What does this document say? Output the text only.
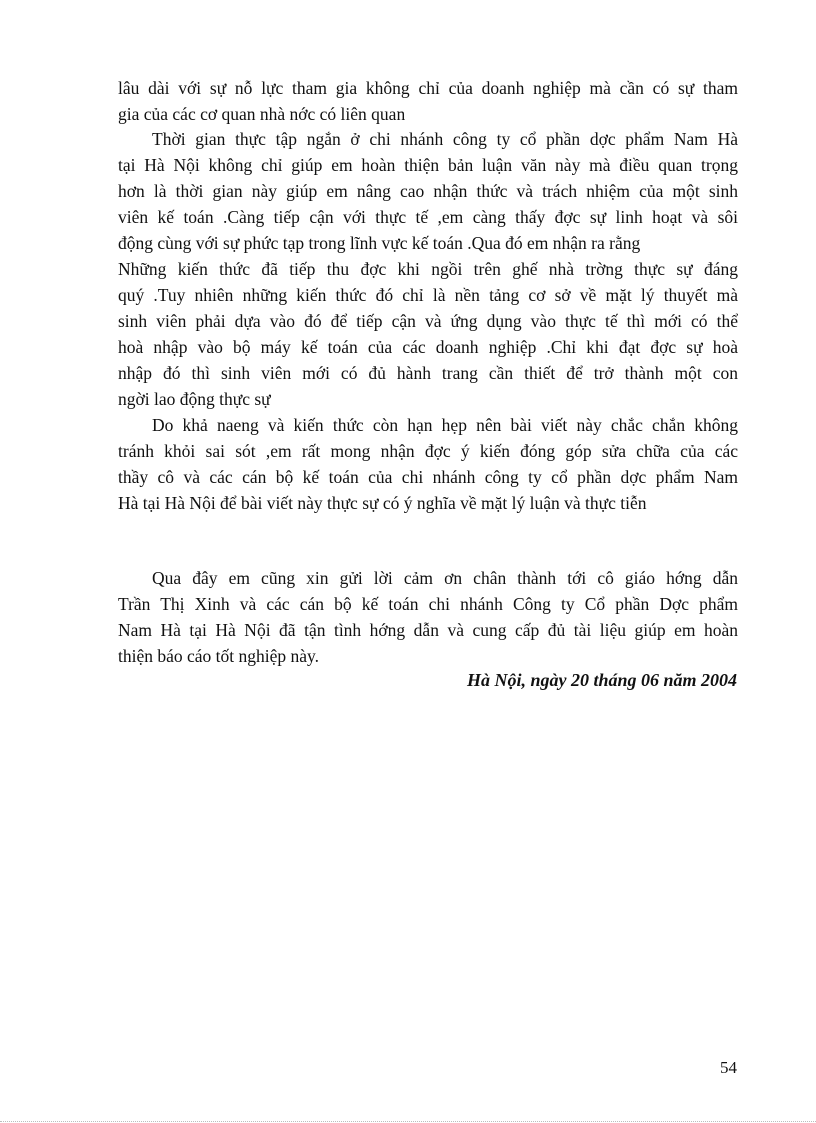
lâu dài với sự nỗ lực tham gia không chỉ của doanh nghiệp mà cần có sự tham
gia của các cơ quan nhà nớc có liên quan
Thời gian thực tập ngắn ở chi nhánh công ty cổ phần dợc phẩm Nam Hà
tại Hà Nội không chỉ giúp em hoàn thiện bản luận văn này mà điều quan trọng
hơn là thời gian này giúp em nâng cao nhận thức và trách nhiệm của một sinh
viên kế toán .Càng tiếp cận với thực tế ,em càng thấy đợc sự linh hoạt và sôi
động cùng với sự phức tạp trong lĩnh vực kế toán .Qua đó em nhận ra rằng
Những kiến thức đã tiếp thu đợc khi ngồi trên ghế nhà trờng thực sự đáng
quý .Tuy nhiên những kiến thức đó chỉ là nền tảng cơ sở về mặt lý thuyết mà
sinh viên phải dựa vào đó để tiếp cận và ứng dụng vào thực tế thì mới có thể
hoà nhập vào bộ máy kế toán của các doanh nghiệp .Chỉ khi đạt đợc sự hoà
nhập đó thì sinh viên mới có đủ hành trang cần thiết để trở thành một con
ngời lao động thực sự
Do khả naeng và kiến thức còn hạn hẹp nên bài viết này chắc chắn không
tránh khỏi sai sót ,em rất mong nhận đợc ý kiến đóng góp sửa chữa của các
thầy cô và các cán bộ kế toán của chi nhánh công ty cổ phần dợc phẩm Nam
Hà tại Hà Nội để bài viết này thực sự có ý nghĩa về mặt lý luận và thực tiễn
Qua đây em cũng xin gửi lời cảm ơn chân thành tới cô giáo hớng dẫn
Trần Thị Xinh và các cán bộ kế toán chi nhánh Công ty Cổ phần Dợc phẩm
Nam Hà tại Hà Nội đã tận tình hớng dẫn và cung cấp đủ tài liệu giúp em hoàn
thiện báo cáo tốt nghiệp này.
Hà Nội, ngày 20 tháng 06 năm 2004
54
